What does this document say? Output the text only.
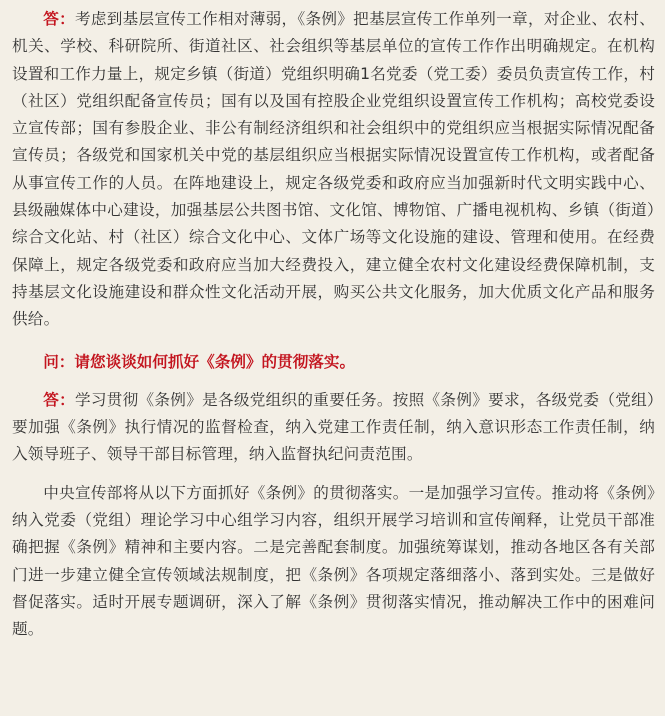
答：考虑到基层宣传工作相对薄弱，《条例》把基层宣传工作单列一章，对企业、农村、机关、学校、科研院所、街道社区、社会组织等基层单位的宣传工作作出明确规定。在机构设置和工作力量上，规定乡镇（街道）党组织明确1名党委（党工委）委员负责宣传工作，村（社区）党组织配备宣传员；国有以及国有控股企业党组织设置宣传工作机构；高校党委设立宣传部；国有参股企业、非公有制经济组织和社会组织中的党组织应当根据实际情况配备宣传员；各级党和国家机关中党的基层组织应当根据实际情况设置宣传工作机构，或者配备从事宣传工作的人员。在阵地建设上，规定各级党委和政府应当加强新时代文明实践中心、县级融媒体中心建设，加强基层公共图书馆、文化馆、博物馆、广播电视机构、乡镇（街道）综合文化站、村（社区）综合文化中心、文体广场等文化设施的建设、管理和使用。在经费保障上，规定各级党委和政府应当加大经费投入，建立健全农村文化建设经费保障机制，支持基层文化设施建设和群众性文化活动开展，购买公共文化服务，加大优质文化产品和服务供给。

问：请您谈谈如何抓好《条例》的贯彻落实。

答：学习贯彻《条例》是各级党组织的重要任务。按照《条例》要求，各级党委（党组）要加强《条例》执行情况的监督检查，纳入党建工作责任制，纳入意识形态工作责任制，纳入领导班子、领导干部目标管理，纳入监督执纪问责范围。

中央宣传部将从以下方面抓好《条例》的贯彻落实。一是加强学习宣传。推动将《条例》纳入党委（党组）理论学习中心组学习内容，组织开展学习培训和宣传阐释，让党员干部准确把握《条例》精神和主要内容。二是完善配套制度。加强统筹谋划，推动各地区各有关部门进一步建立健全宣传领域法规制度，把《条例》各项规定落细落小、落到实处。三是做好督促落实。适时开展专题调研，深入了解《条例》贯彻落实情况，推动解决工作中的困难问题。
